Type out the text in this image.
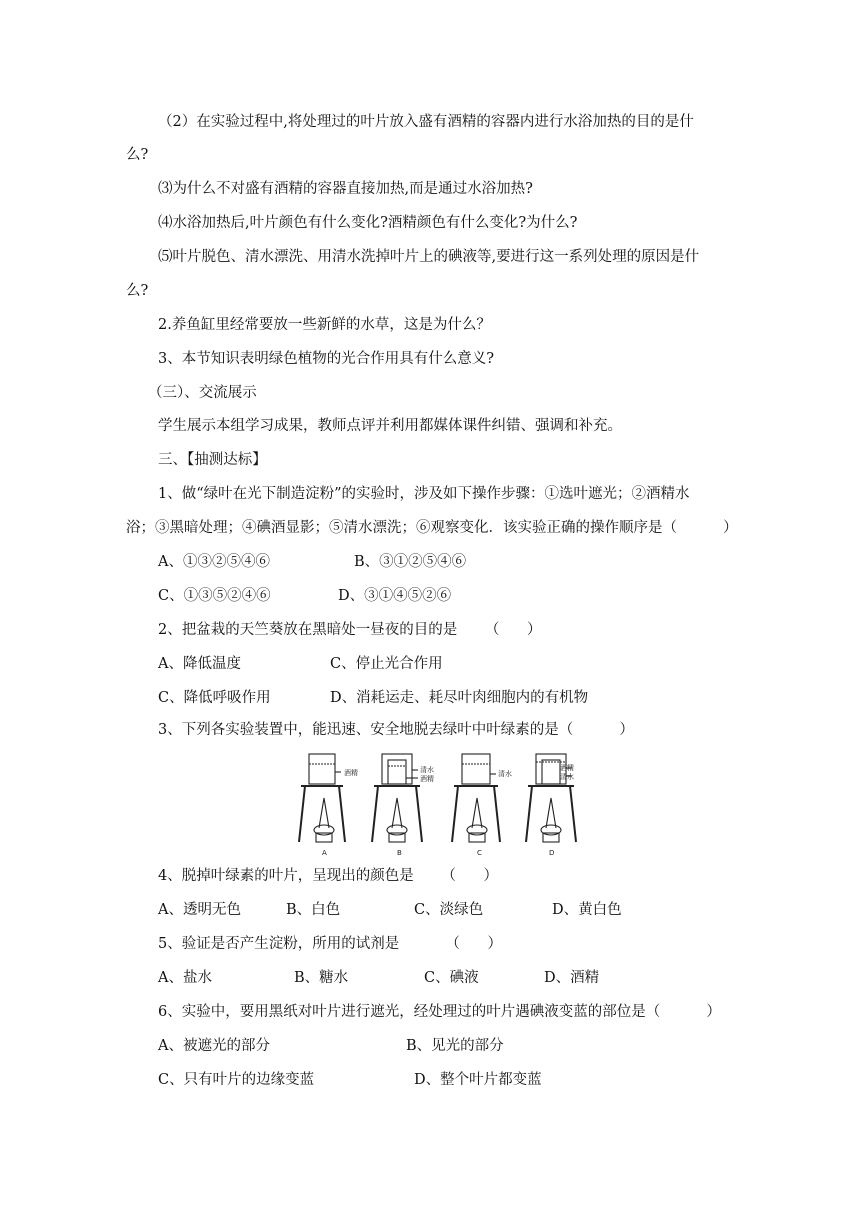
（2）在实验过程中,将处理过的叶片放入盛有酒精的容器内进行水浴加热的目的是什
么?
⑶为什么不对盛有酒精的容器直接加热,而是通过水浴加热?
⑷水浴加热后,叶片颜色有什么变化?酒精颜色有什么变化?为什么?
⑸叶片脱色、清水漂洗、用清水洗掉叶片上的碘液等,要进行这一系列处理的原因是什
么?
2.养鱼缸里经常要放一些新鲜的水草，这是为什么？
3、本节知识表明绿色植物的光合作用具有什么意义?
（三）、交流展示
学生展示本组学习成果，教师点评并利用都媒体课件纠错、强调和补充。
三、【抽测达标】
1、做“绿叶在光下制造淀粉”的实验时，涉及如下操作步骤：①选叶遮光；②酒精水
浴；③黑暗处理；④碘酒显影；⑤清水漂洗；⑥观察变化．该实验正确的操作顺序是（          ）
A、①③②⑤④⑥	B、③①②⑤④⑥
C、①③⑤②④⑥	D、③①④⑤②⑥
2、把盆栽的天竺葵放在黑暗处一昼夜的目的是      （      ）
A、降低温度	C、停止光合作用
C、降低呼吸作用	D、消耗运走、耗尽叶肉细胞内的有机物
3、下列各实验装置中，能迅速、安全地脱去绿叶中叶绿素的是（          ）
酒精	清水
酒精
清水
酒精
清水
A	B	C	D
4、脱掉叶绿素的叶片，呈现出的颜色是      （      ）
A、透明无色	B、白色	C、淡绿色	D、黄白色
5、验证是否产生淀粉，所用的试剂是          （      ）
A、盐水	B、糖水	C、碘液	D、酒精
6、实验中，要用黑纸对叶片进行遮光，经处理过的叶片遇碘液变蓝的部位是（          ）
A、被遮光的部分	B、见光的部分
C、只有叶片的边缘变蓝	D、整个叶片都变蓝
